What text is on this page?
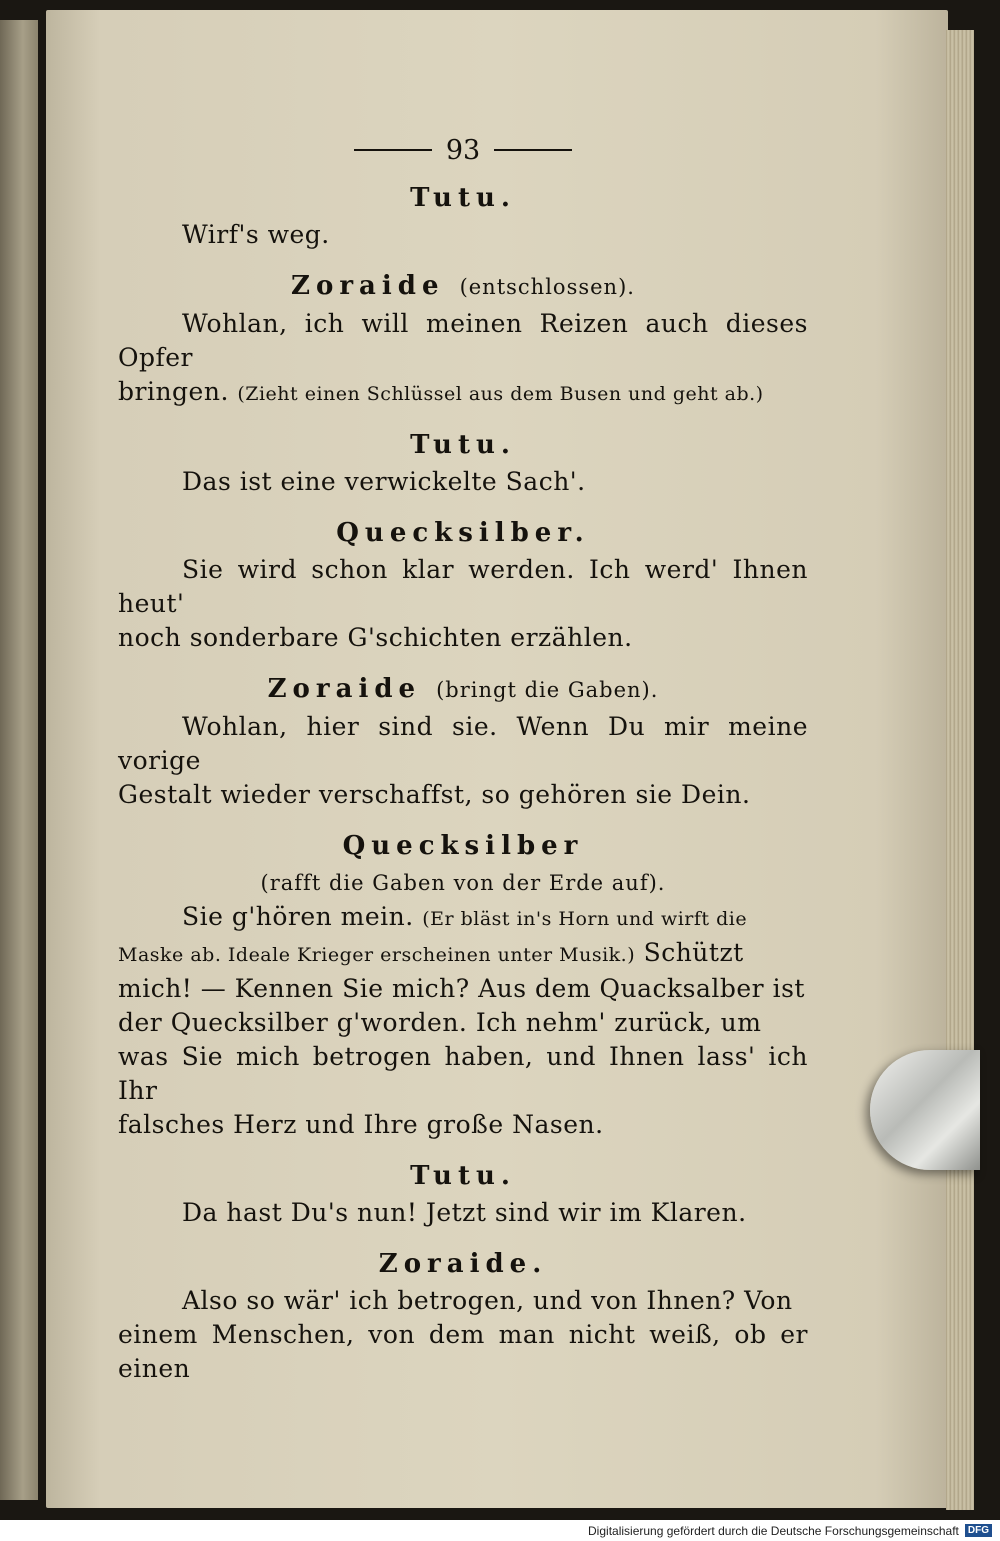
93

Tutu.

Wirf's weg.

Zoraide (entschlossen).

Wohlan, ich will meinen Reizen auch dieses Opfer

bringen. (Zieht einen Schlüssel aus dem Busen und geht ab.)

Tutu.

Das ist eine verwickelte Sach'.

Quecksilber.

Sie wird schon klar werden. Ich werd' Ihnen heut'

noch sonderbare G'schichten erzählen.

Zoraide (bringt die Gaben).

Wohlan, hier sind sie. Wenn Du mir meine vorige

Gestalt wieder verschaffst, so gehören sie Dein.

Quecksilber

(rafft die Gaben von der Erde auf).

Sie g'hören mein. (Er bläst in's Horn und wirft die

Maske ab. Ideale Krieger erscheinen unter Musik.) Schützt

mich! — Kennen Sie mich? Aus dem Quacksalber ist

der Quecksilber g'worden. Ich nehm' zurück, um

was Sie mich betrogen haben, und Ihnen lass' ich Ihr

falsches Herz und Ihre große Nasen.

Tutu.

Da hast Du's nun! Jetzt sind wir im Klaren.

Zoraide.

Also so wär' ich betrogen, und von Ihnen? Von

einem Menschen, von dem man nicht weiß, ob er einen

Digitalisierung gefördert durch die Deutsche Forschungsgemeinschaft DFG
